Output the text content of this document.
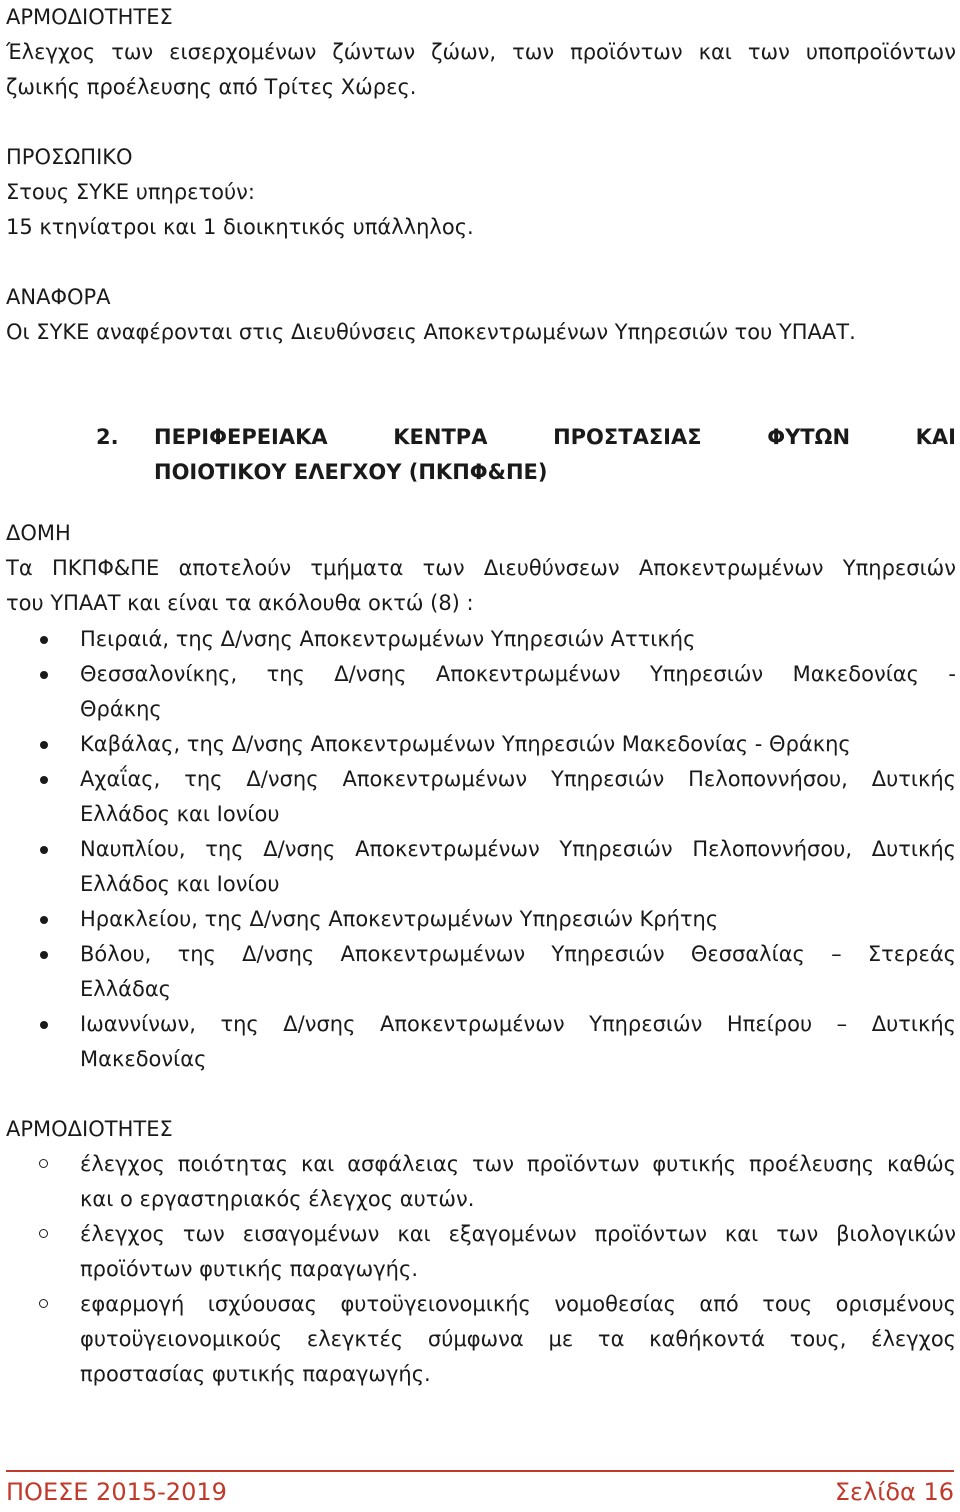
ΑΡΜΟΔΙΟΤΗΤΕΣ
Έλεγχος των εισερχομένων ζώντων ζώων, των προϊόντων και των υποπροϊόντων
ζωικής προέλευσης από Τρίτες Χώρες.
ΠΡΟΣΩΠΙΚΟ
Στους ΣΥΚΕ υπηρετούν:
15 κτηνίατροι και 1 διοικητικός υπάλληλος.
ΑΝΑΦΟΡΑ
Οι ΣΥΚΕ αναφέρονται στις Διευθύνσεις Αποκεντρωμένων Υπηρεσιών του ΥΠΑΑΤ.
2. ΠΕΡΙΦΕΡΕΙΑΚΑ ΚΕΝΤΡΑ ΠΡΟΣΤΑΣΙΑΣ ΦΥΤΩΝ ΚΑΙ
ΠΟΙΟΤΙΚΟΥ ΕΛΕΓΧΟΥ (ΠΚΠΦ&ΠΕ)
ΔΟΜΗ
Τα ΠΚΠΦ&ΠΕ αποτελούν τμήματα των Διευθύνσεων Αποκεντρωμένων Υπηρεσιών
του ΥΠΑΑΤ και είναι τα ακόλουθα οκτώ (8) :
Πειραιά, της Δ/νσης Αποκεντρωμένων Υπηρεσιών Αττικής
Θεσσαλονίκης, της Δ/νσης Αποκεντρωμένων Υπηρεσιών Μακεδονίας -
Θράκης
Καβάλας, της Δ/νσης Αποκεντρωμένων Υπηρεσιών Μακεδονίας - Θράκης
Αχαΐας, της Δ/νσης Αποκεντρωμένων Υπηρεσιών Πελοποννήσου, Δυτικής
Ελλάδος και Ιονίου
Ναυπλίου, της Δ/νσης Αποκεντρωμένων Υπηρεσιών Πελοποννήσου, Δυτικής
Ελλάδος και Ιονίου
Ηρακλείου, της Δ/νσης Αποκεντρωμένων Υπηρεσιών Κρήτης
Βόλου, της Δ/νσης Αποκεντρωμένων Υπηρεσιών Θεσσαλίας – Στερεάς
Ελλάδας
Ιωαννίνων, της Δ/νσης Αποκεντρωμένων Υπηρεσιών Ηπείρου – Δυτικής
Μακεδονίας
ΑΡΜΟΔΙΟΤΗΤΕΣ
έλεγχος ποιότητας και ασφάλειας των προϊόντων φυτικής προέλευσης καθώς
και ο εργαστηριακός έλεγχος αυτών.
έλεγχος των εισαγομένων και εξαγομένων προϊόντων και των βιολογικών
προϊόντων φυτικής παραγωγής.
εφαρμογή ισχύουσας φυτοϋγειονομικής νομοθεσίας από τους ορισμένους
φυτοϋγειονομικούς ελεγκτές σύμφωνα με τα καθήκοντά τους, έλεγχος
προστασίας φυτικής παραγωγής.
ΠΟΕΣΕ 2015-2019	Σελίδα 16
